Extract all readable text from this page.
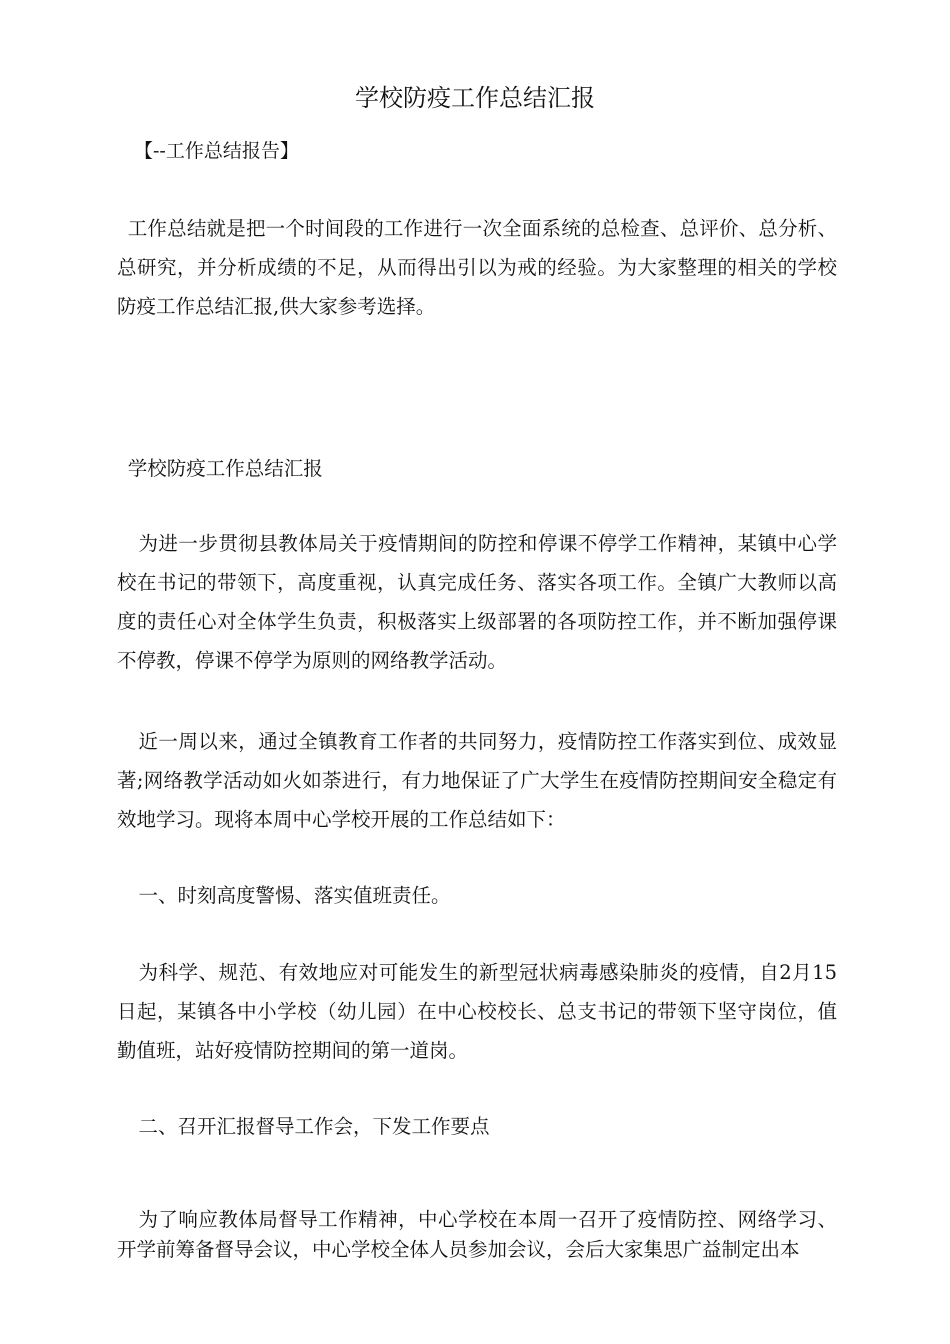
学校防疫工作总结汇报

【--工作总结报告】

工作总结就是把一个时间段的工作进行一次全面系统的总检查、总评价、总分析、总研究，并分析成绩的不足，从而得出引以为戒的经验。为大家整理的相关的学校防疫工作总结汇报,供大家参考选择。

学校防疫工作总结汇报

为进一步贯彻县教体局关于疫情期间的防控和停课不停学工作精神，某镇中心学校在书记的带领下，高度重视，认真完成任务、落实各项工作。全镇广大教师以高度的责任心对全体学生负责，积极落实上级部署的各项防控工作，并不断加强停课不停教，停课不停学为原则的网络教学活动。

近一周以来，通过全镇教育工作者的共同努力，疫情防控工作落实到位、成效显著;网络教学活动如火如荼进行，有力地保证了广大学生在疫情防控期间安全稳定有效地学习。现将本周中心学校开展的工作总结如下：

一、时刻高度警惕、落实值班责任。

为科学、规范、有效地应对可能发生的新型冠状病毒感染肺炎的疫情，自2月15日起，某镇各中小学校（幼儿园）在中心校校长、总支书记的带领下坚守岗位，值勤值班，站好疫情防控期间的第一道岗。

二、召开汇报督导工作会，下发工作要点

为了响应教体局督导工作精神，中心学校在本周一召开了疫情防控、网络学习、开学前筹备督导会议，中心学校全体人员参加会议，会后大家集思广益制定出本
